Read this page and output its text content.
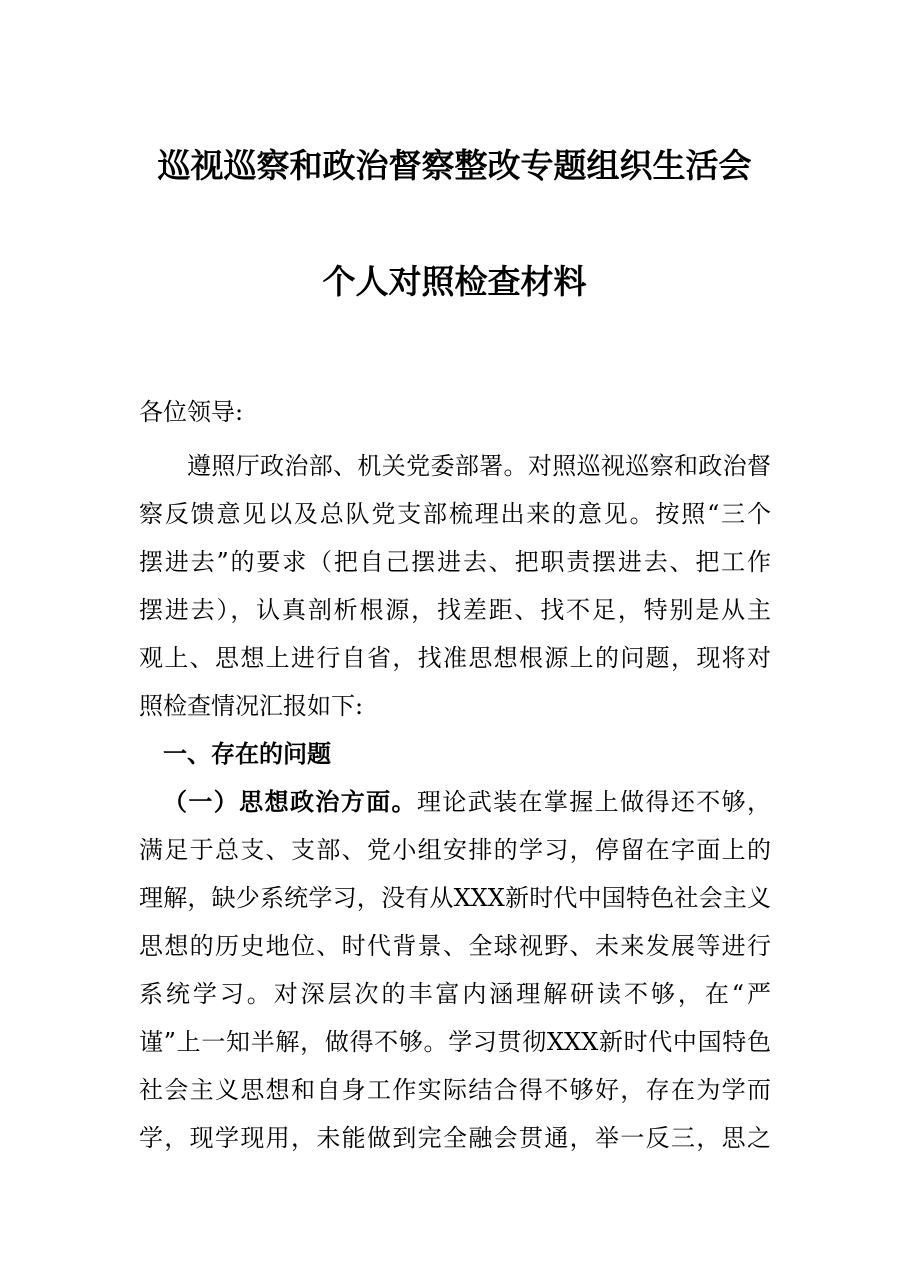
巡视巡察和政治督察整改专题组织生活会
个人对照检查材料

各位领导:

遵照厅政治部、机关党委部署。对照巡视巡察和政治督

察反馈意见以及总队党支部梳理出来的意见。按照“三个

摆进去”的要求（把自己摆进去、把职责摆进去、把工作

摆进去），认真剖析根源，找差距、找不足，特别是从主

观上、思想上进行自省，找准思想根源上的问题，现将对

照检查情况汇报如下:

一、存在的问题

（一）思想政治方面。理论武装在掌握上做得还不够，

满足于总支、支部、党小组安排的学习，停留在字面上的

理解，缺少系统学习，没有从XXX新时代中国特色社会主义

思想的历史地位、时代背景、全球视野、未来发展等进行

系统学习。对深层次的丰富内涵理解研读不够，在“严

谨”上一知半解，做得不够。学习贯彻XXX新时代中国特色

社会主义思想和自身工作实际结合得不够好，存在为学而

学，现学现用，未能做到完全融会贯通，举一反三，思之
